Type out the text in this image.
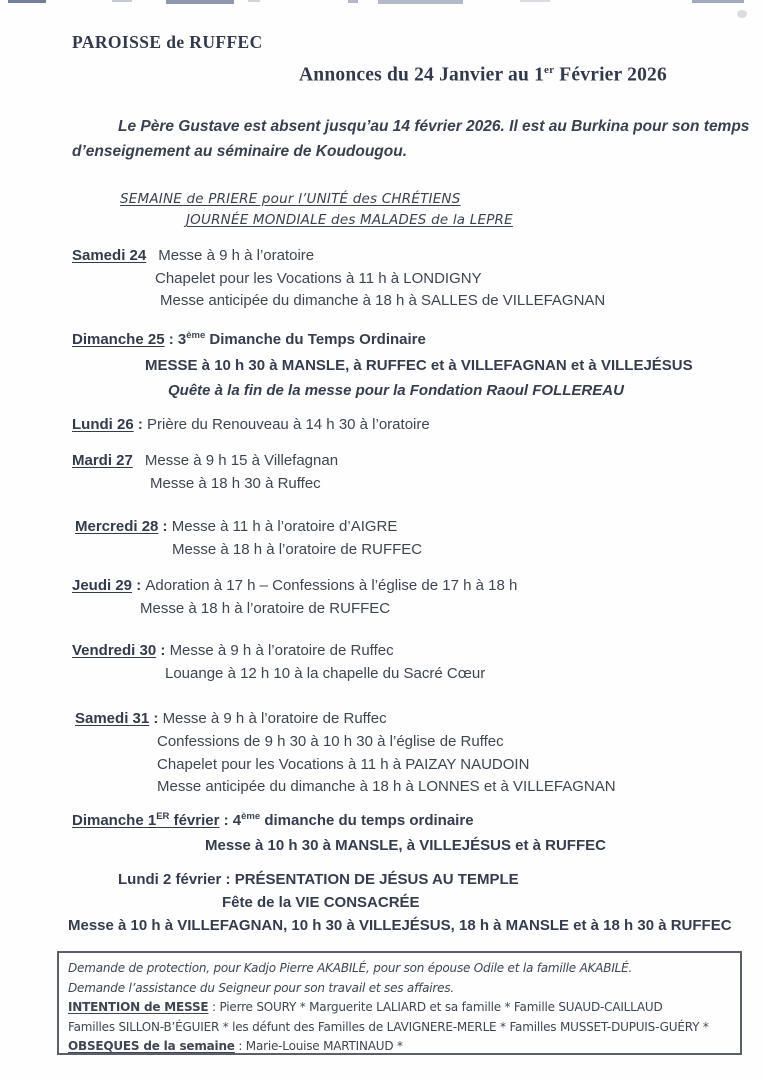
PAROISSE de RUFFEC
Annonces du 24 Janvier au 1er Février 2026
Le Père Gustave est absent jusqu’au 14 février 2026. Il est au Burkina pour son temps
d’enseignement au séminaire de Koudougou.
SEMAINE de PRIERE pour l’UNITÉ des CHRÉTIENS
JOURNÉE MONDIALE des MALADES de la LEPRE
Samedi 24 Messe à 9 h à l’oratoire
Chapelet pour les Vocations à 11 h à LONDIGNY
Messe anticipée du dimanche à 18 h à SALLES de VILLEFAGNAN
Dimanche 25 : 3ème Dimanche du Temps Ordinaire
MESSE à 10 h 30 à MANSLE, à RUFFEC et à VILLEFAGNAN et à VILLEJÉSUS
Quête à la fin de la messe pour la Fondation Raoul FOLLEREAU
Lundi 26 : Prière du Renouveau à 14 h 30 à l’oratoire
Mardi 27 Messe à 9 h 15 à Villefagnan
Messe à 18 h 30 à Ruffec
Mercredi 28 : Messe à 11 h à l’oratoire d’AIGRE
Messe à 18 h à l’oratoire de RUFFEC
Jeudi 29 : Adoration à 17 h – Confessions à l’église de 17 h à 18 h
Messe à 18 h à l’oratoire de RUFFEC
Vendredi 30 : Messe à 9 h à l’oratoire de Ruffec
Louange à 12 h 10 à la chapelle du Sacré Cœur
Samedi 31 : Messe à 9 h à l’oratoire de Ruffec
Confessions de 9 h 30 à 10 h 30 à l’église de Ruffec
Chapelet pour les Vocations à 11 h à PAIZAY NAUDOIN
Messe anticipée du dimanche à 18 h à LONNES et à VILLEFAGNAN
Dimanche 1ER février : 4ème dimanche du temps ordinaire
Messe à 10 h 30 à MANSLE, à VILLEJÉSUS et à RUFFEC
Lundi 2 février : PRÉSENTATION DE JÉSUS AU TEMPLE
Fête de la VIE CONSACRÉE
Messe à 10 h à VILLEFAGNAN, 10 h 30 à VILLEJÉSUS, 18 h à MANSLE et à 18 h 30 à RUFFEC
Demande de protection, pour Kadjo Pierre AKABILÉ, pour son épouse Odile et la famille AKABILÉ.
Demande l’assistance du Seigneur pour son travail et ses affaires.
INTENTION de MESSE : Pierre SOURY * Marguerite LALIARD et sa famille * Famille SUAUD-CAILLAUD
Familles SILLON-B’ÉGUIER * les défunt des Familles de LAVIGNERE-MERLE * Familles MUSSET-DUPUIS-GUÉRY *
OBSEQUES de la semaine : Marie-Louise MARTINAUD *
